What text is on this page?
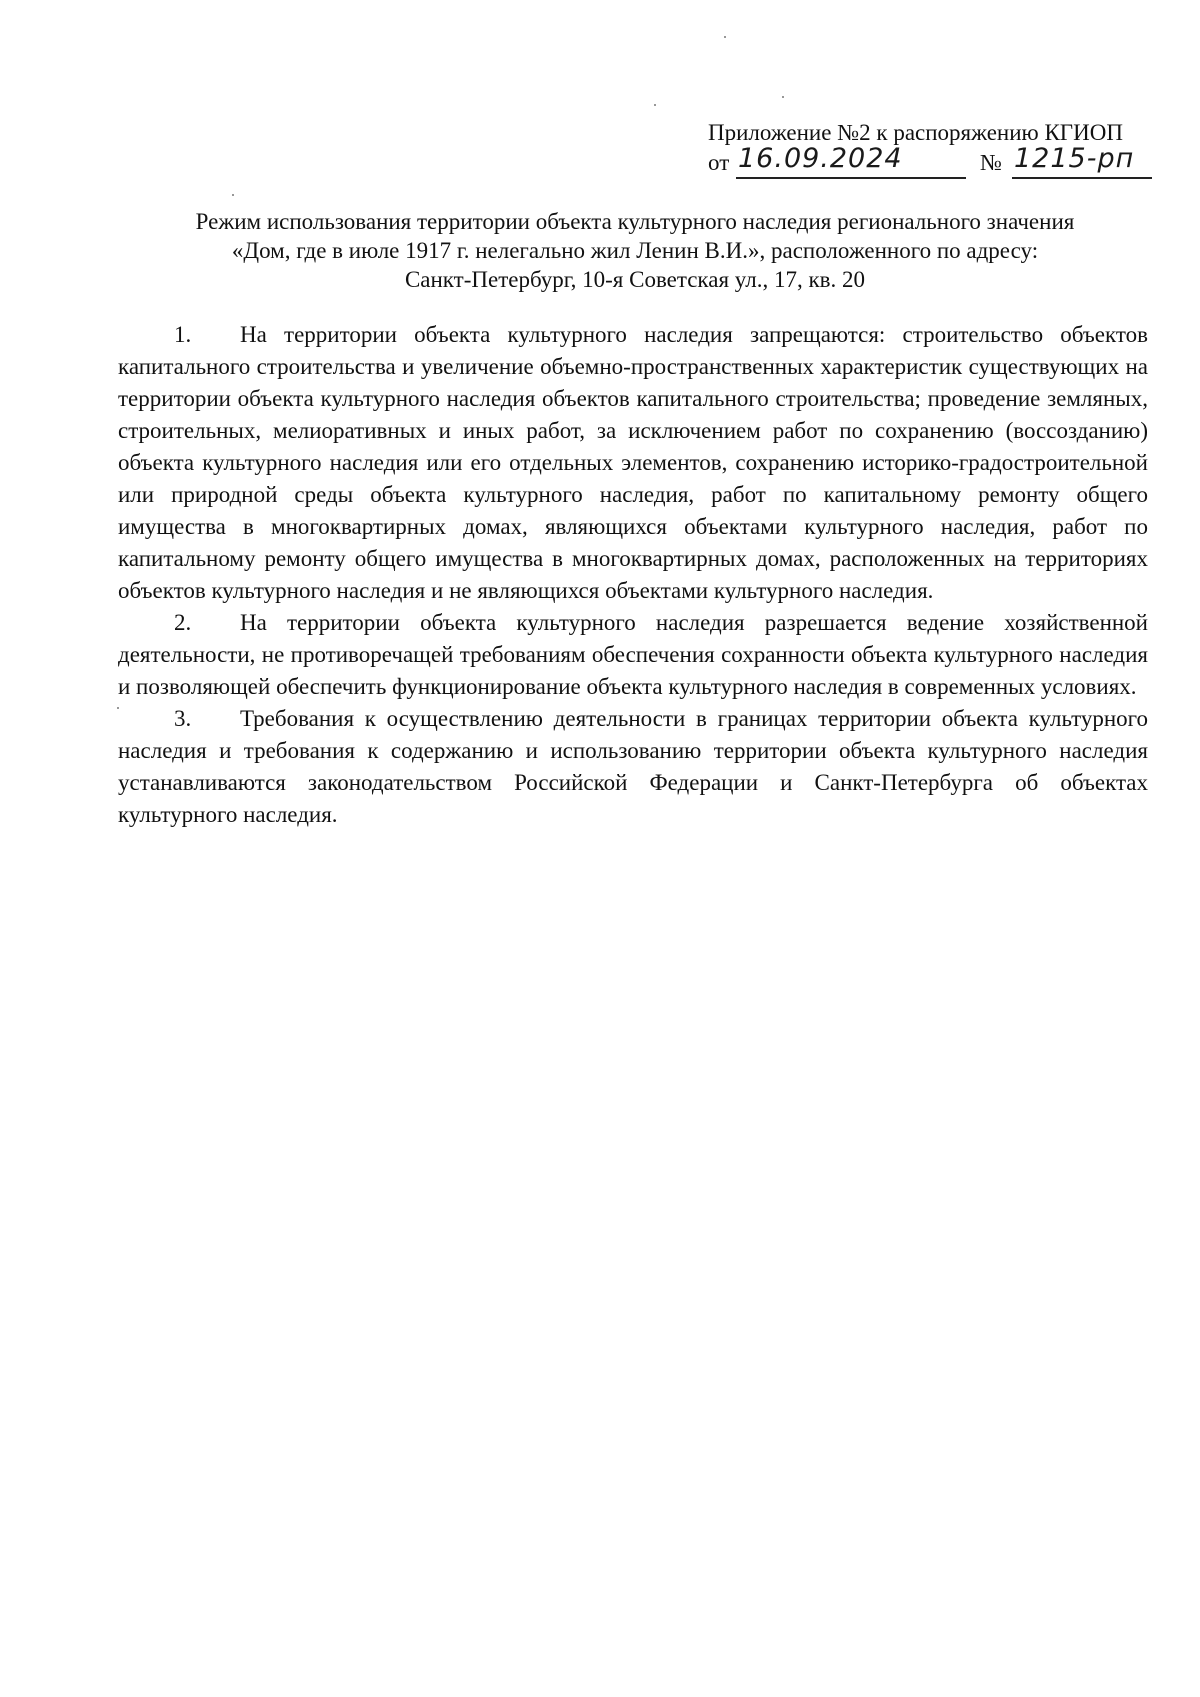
Приложение №2 к распоряжению КГИОП
от 16.09.2024	№ 1215-рп
Режим использования территории объекта культурного наследия регионального значения
«Дом, где в июле 1917 г. нелегально жил Ленин В.И.», расположенного по адресу:
Санкт-Петербург, 10-я Советская ул., 17, кв. 20

1. На территории объекта культурного наследия запрещаются: строительство объектов капитального строительства и увеличение объемно-пространственных характеристик существующих на территории объекта культурного наследия объектов капитального строительства; проведение земляных, строительных, мелиоративных и иных работ, за исключением работ по сохранению (воссозданию) объекта культурного наследия или его отдельных элементов, сохранению историко-градостроительной или природной среды объекта культурного наследия, работ по капитальному ремонту общего имущества в многоквартирных домах, являющихся объектами культурного наследия, работ по капитальному ремонту общего имущества в многоквартирных домах, расположенных на территориях объектов культурного наследия и не являющихся объектами культурного наследия.

2. На территории объекта культурного наследия разрешается ведение хозяйственной деятельности, не противоречащей требованиям обеспечения сохранности объекта культурного наследия и позволяющей обеспечить функционирование объекта культурного наследия в современных условиях.

3. Требования к осуществлению деятельности в границах территории объекта культурного наследия и требования к содержанию и использованию территории объекта культурного наследия устанавливаются законодательством Российской Федерации и Санкт-Петербурга об объектах культурного наследия.
